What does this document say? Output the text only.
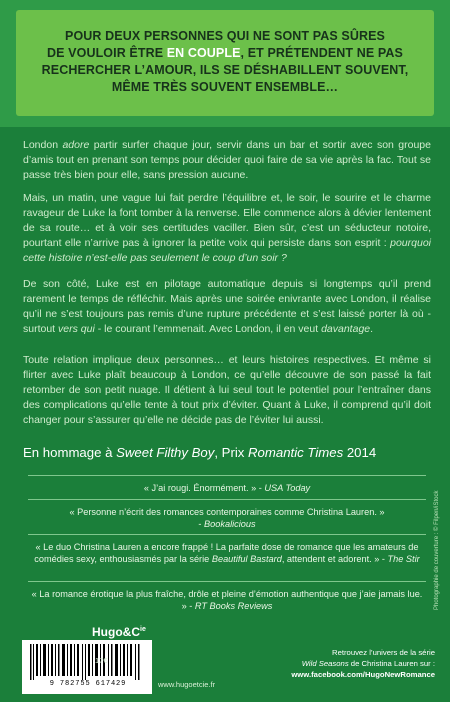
POUR DEUX PERSONNES QUI NE SONT PAS SÛRES
DE VOULOIR ÊTRE EN COUPLE, ET PRÉTENDENT NE PAS
RECHERCHER L’AMOUR, ILS SE DÉSHABILLENT SOUVENT,
MÊME TRÈS SOUVENT ENSEMBLE…

London adore partir surfer chaque jour, servir dans un bar et sortir avec son groupe d’amis tout en prenant son temps pour décider quoi faire de sa vie après la fac. Tout se passe très bien pour elle, sans pression aucune.

Mais, un matin, une vague lui fait perdre l’équilibre et, le soir, le sourire et le charme ravageur de Luke la font tomber à la renverse. Elle commence alors à dévier lentement de sa route… et à voir ses certitudes vaciller. Bien sûr, c’est un séducteur notoire, pourtant elle n’arrive pas à ignorer la petite voix qui persiste dans son esprit : pourquoi cette histoire n’est-elle pas seulement le coup d’un soir ?

De son côté, Luke est en pilotage automatique depuis si longtemps qu’il prend rarement le temps de réfléchir. Mais après une soirée enivrante avec London, il réalise qu’il ne s’est toujours pas remis d’une rupture précédente et s’est laissé porter là où - surtout vers qui - le courant l’emmenait. Avec London, il en veut davantage.

Toute relation implique deux personnes… et leurs histoires respectives. Et même si flirter avec Luke plaît beaucoup à London, ce qu’elle découvre de son passé la fait retomber de son petit nuage. Il détient à lui seul tout le potentiel pour l’entraîner dans des complications qu’elle tente à tout prix d’éviter. Quant à Luke, il comprend qu’il doit changer pour s’assurer qu’elle ne décide pas de l’éviter lui aussi.

En hommage à Sweet Filthy Boy, Prix Romantic Times 2014
« J’ai rougi. Énormément. » - USA Today
« Personne n’écrit des romances contemporaines comme Christina Lauren. »
- Bookalicious
« Le duo Christina Lauren a encore frappé ! La parfaite dose de romance que les amateurs de comédies sexy, enthousiasmés par la série Beautiful Bastard, attendent et adorent. » - The Stir
« La romance érotique la plus fraîche, drôle et pleine d’émotion authentique que j’aie jamais lue. » - RT Books Reviews
$Hugo\&C^{ie}$
9 782755 617429
17€
www.hugoetcie.fr
Retrouvez l’univers de la série
Wild Seasons de Christina Lauren sur :
www.facebook.com/HugoNewRomance
Photographie de couverture : © Filpen/iStock
